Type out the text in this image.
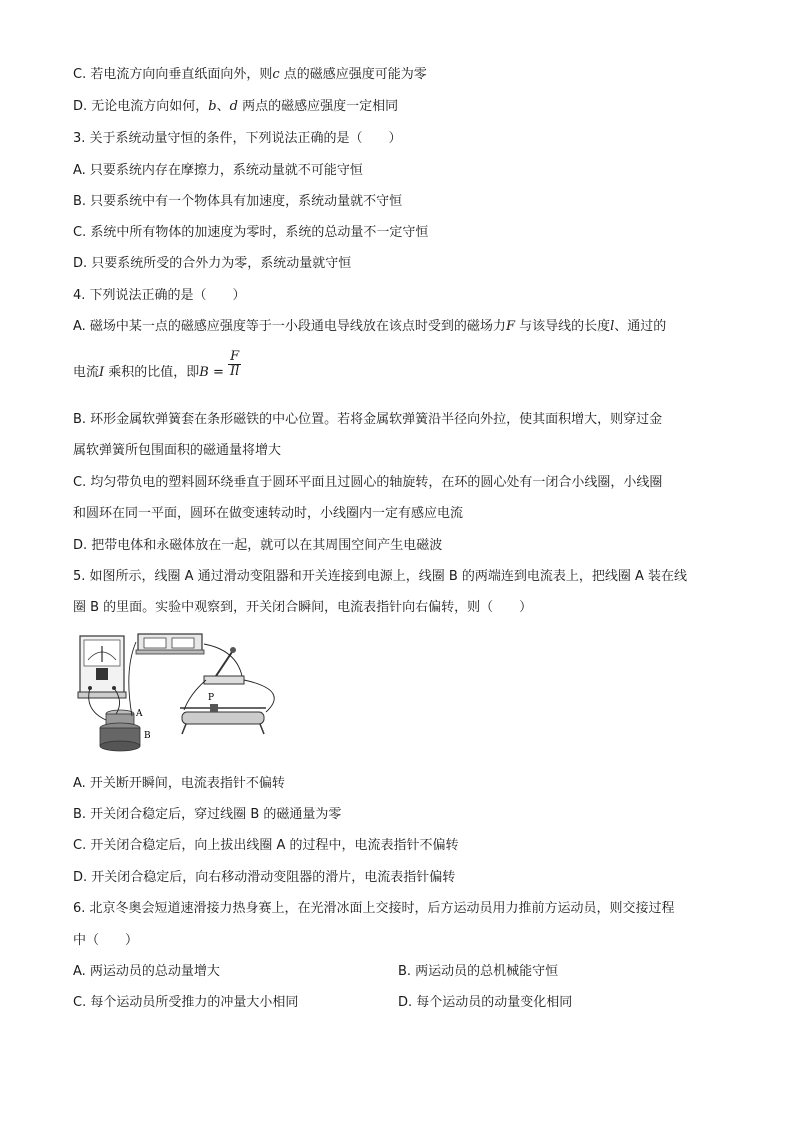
C. 若电流方向向垂直纸面向外，则c 点的磁感应强度可能为零
D. 无论电流方向如何，b、d 两点的磁感应强度一定相同
3. 关于系统动量守恒的条件，下列说法正确的是（　　）
A. 只要系统内存在摩擦力，系统动量就不可能守恒
B. 只要系统中有一个物体具有加速度，系统动量就不守恒
C. 系统中所有物体的加速度为零时，系统的总动量不一定守恒
D. 只要系统所受的合外力为零，系统动量就守恒
4. 下列说法正确的是（　　）
A. 磁场中某一点的磁感应强度等于一小段通电导线放在该点时受到的磁场力F 与该导线的长度l、通过的
电流I 乘积的比值，即$B = \frac{F}{Il}$
B. 环形金属软弹簧套在条形磁铁的中心位置。若将金属软弹簧沿半径向外拉，使其面积增大，则穿过金
属软弹簧所包围面积的磁通量将增大
C. 均匀带负电的塑料圆环绕垂直于圆环平面且过圆心的轴旋转，在环的圆心处有一闭合小线圈，小线圈
和圆环在同一平面，圆环在做变速转动时，小线圈内一定有感应电流
D. 把带电体和永磁体放在一起，就可以在其周围空间产生电磁波
5. 如图所示，线圈 A 通过滑动变阻器和开关连接到电源上，线圈 B 的两端连到电流表上，把线圈 A 装在线
圈 B 的里面。实验中观察到，开关闭合瞬间，电流表指针向右偏转，则（　　）
A
B
P
A. 开关断开瞬间，电流表指针不偏转
B. 开关闭合稳定后，穿过线圈 B 的磁通量为零
C. 开关闭合稳定后，向上拔出线圈 A 的过程中，电流表指针不偏转
D. 开关闭合稳定后，向右移动滑动变阻器的滑片，电流表指针偏转
6. 北京冬奥会短道速滑接力热身赛上，在光滑冰面上交接时，后方运动员用力推前方运动员，则交接过程
中（　　）
A. 两运动员的总动量增大	B. 两运动员的总机械能守恒
C. 每个运动员所受推力的冲量大小相同	D. 每个运动员的动量变化相同
